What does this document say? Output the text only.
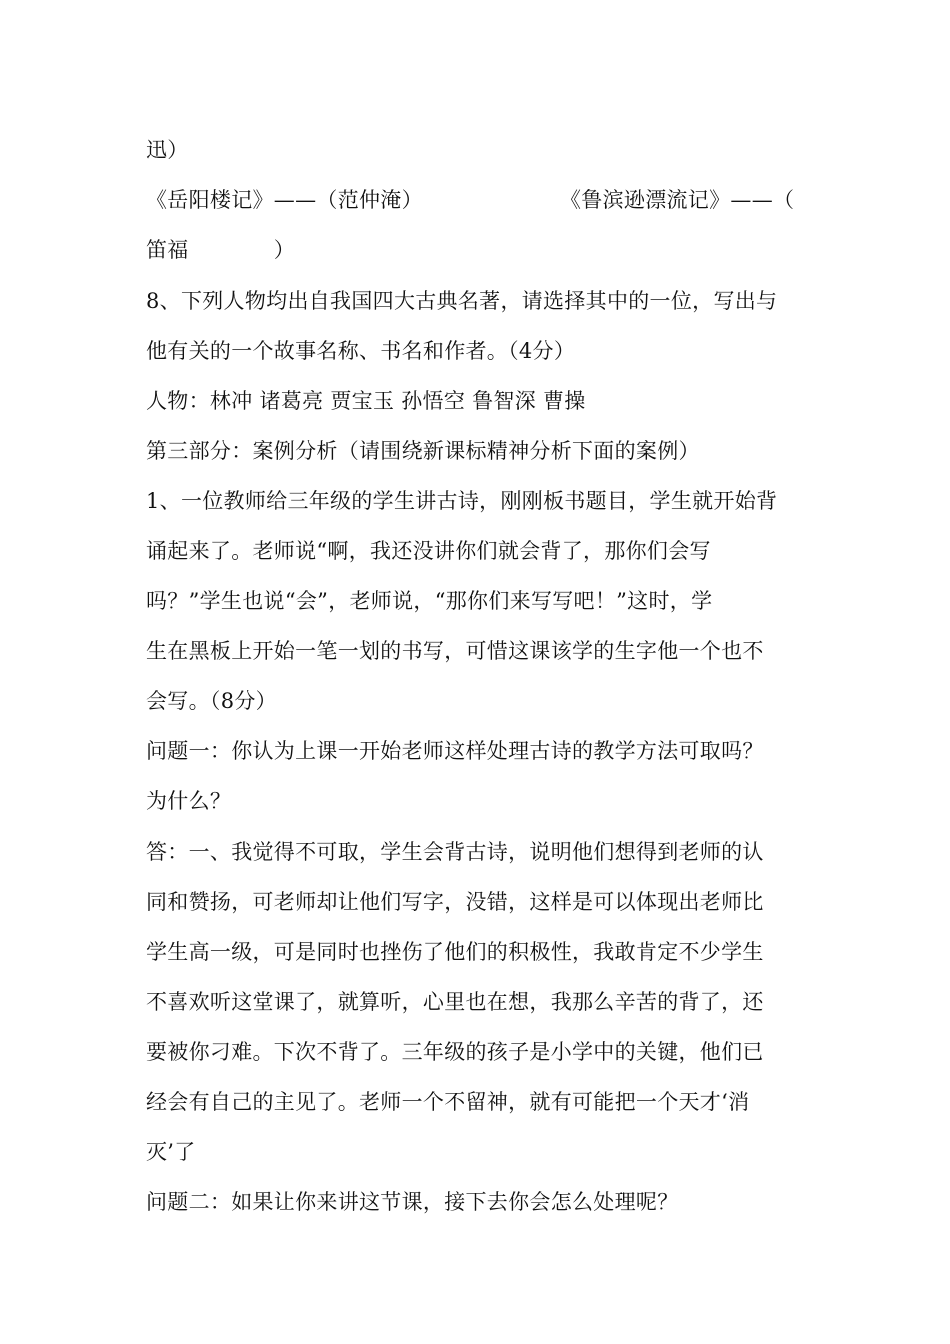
迅）
《岳阳楼记》——（范仲淹）	《鲁滨逊漂流记》——（
笛福　　　　）
8、下列人物均出自我国四大古典名著，请选择其中的一位，写出与
他有关的一个故事名称、书名和作者。（4分）
人物：林冲 诸葛亮 贾宝玉 孙悟空 鲁智深 曹操
第三部分：案例分析（请围绕新课标精神分析下面的案例）
1、一位教师给三年级的学生讲古诗，刚刚板书题目，学生就开始背
诵起来了。老师说“啊，我还没讲你们就会背了，那你们会写
吗？”学生也说“会”，老师说，“那你们来写写吧！”这时，学
生在黑板上开始一笔一划的书写，可惜这课该学的生字他一个也不
会写。（8分）
问题一：你认为上课一开始老师这样处理古诗的教学方法可取吗？
为什么？
答：一、我觉得不可取，学生会背古诗，说明他们想得到老师的认
同和赞扬，可老师却让他们写字，没错，这样是可以体现出老师比
学生高一级，可是同时也挫伤了他们的积极性，我敢肯定不少学生
不喜欢听这堂课了，就算听，心里也在想，我那么辛苦的背了，还
要被你刁难。下次不背了。三年级的孩子是小学中的关键，他们已
经会有自己的主见了。老师一个不留神，就有可能把一个天才‘消
灭’了
问题二：如果让你来讲这节课，接下去你会怎么处理呢？
